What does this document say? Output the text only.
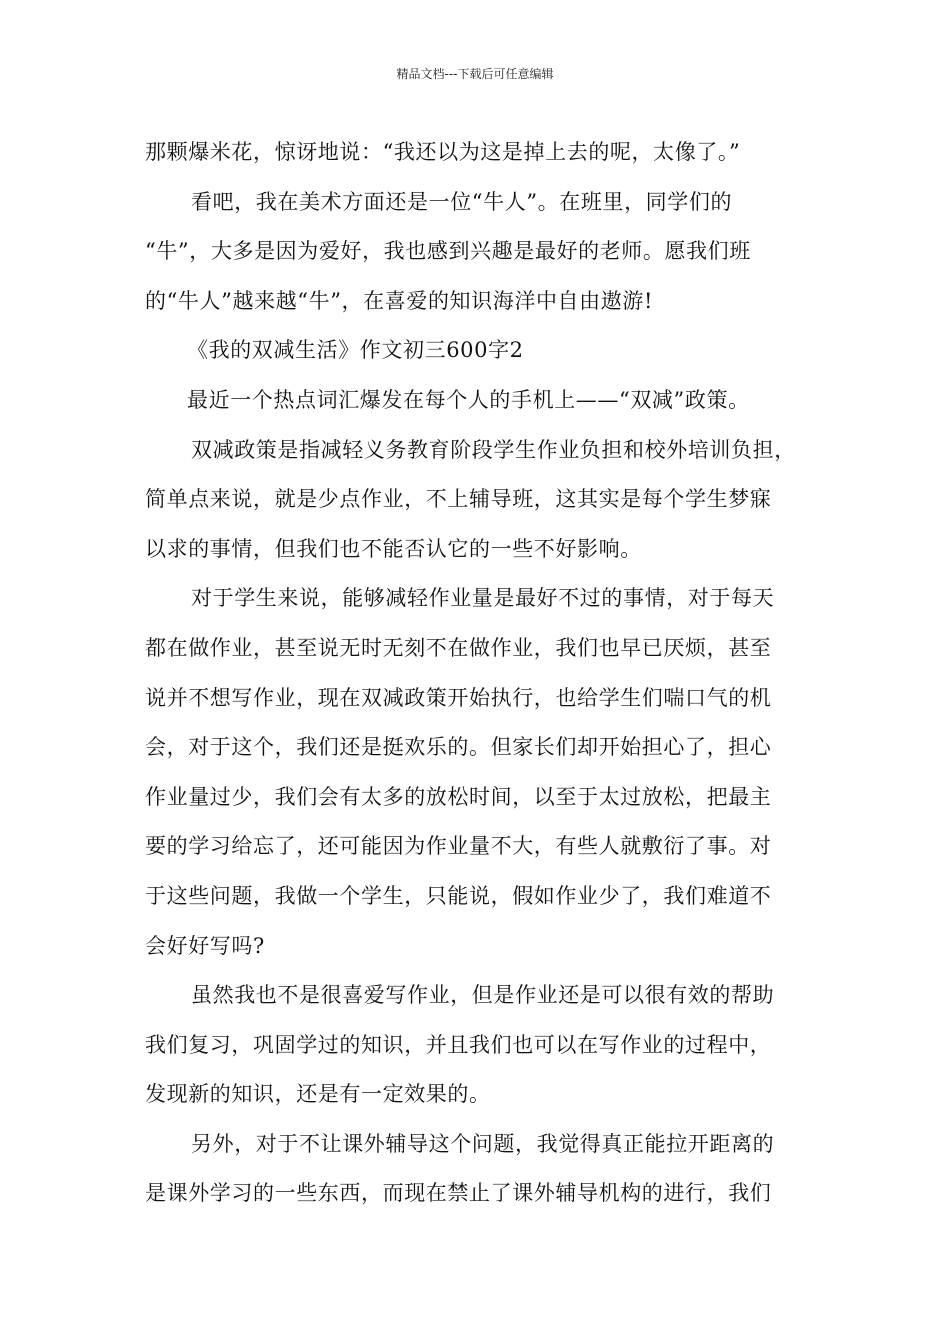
精品文档---下载后可任意编辑
那颗爆米花，惊讶地说：“我还以为这是掉上去的呢，太像了。”
看吧，我在美术方面还是一位“牛人”。在班里，同学们的
“牛”，大多是因为爱好，我也感到兴趣是最好的老师。愿我们班
的“牛人”越来越“牛”，在喜爱的知识海洋中自由遨游!
《我的双减生活》作文初三600字2
最近一个热点词汇爆发在每个人的手机上——“双减”政策。
双减政策是指减轻义务教育阶段学生作业负担和校外培训负担，
简单点来说，就是少点作业，不上辅导班，这其实是每个学生梦寐
以求的事情，但我们也不能否认它的一些不好影响。
对于学生来说，能够减轻作业量是最好不过的事情，对于每天
都在做作业，甚至说无时无刻不在做作业，我们也早已厌烦，甚至
说并不想写作业，现在双减政策开始执行，也给学生们喘口气的机
会，对于这个，我们还是挺欢乐的。但家长们却开始担心了，担心
作业量过少，我们会有太多的放松时间，以至于太过放松，把最主
要的学习给忘了，还可能因为作业量不大，有些人就敷衍了事。对
于这些问题，我做一个学生，只能说，假如作业少了，我们难道不
会好好写吗?
虽然我也不是很喜爱写作业，但是作业还是可以很有效的帮助
我们复习，巩固学过的知识，并且我们也可以在写作业的过程中，
发现新的知识，还是有一定效果的。
另外，对于不让课外辅导这个问题，我觉得真正能拉开距离的
是课外学习的一些东西，而现在禁止了课外辅导机构的进行，我们
